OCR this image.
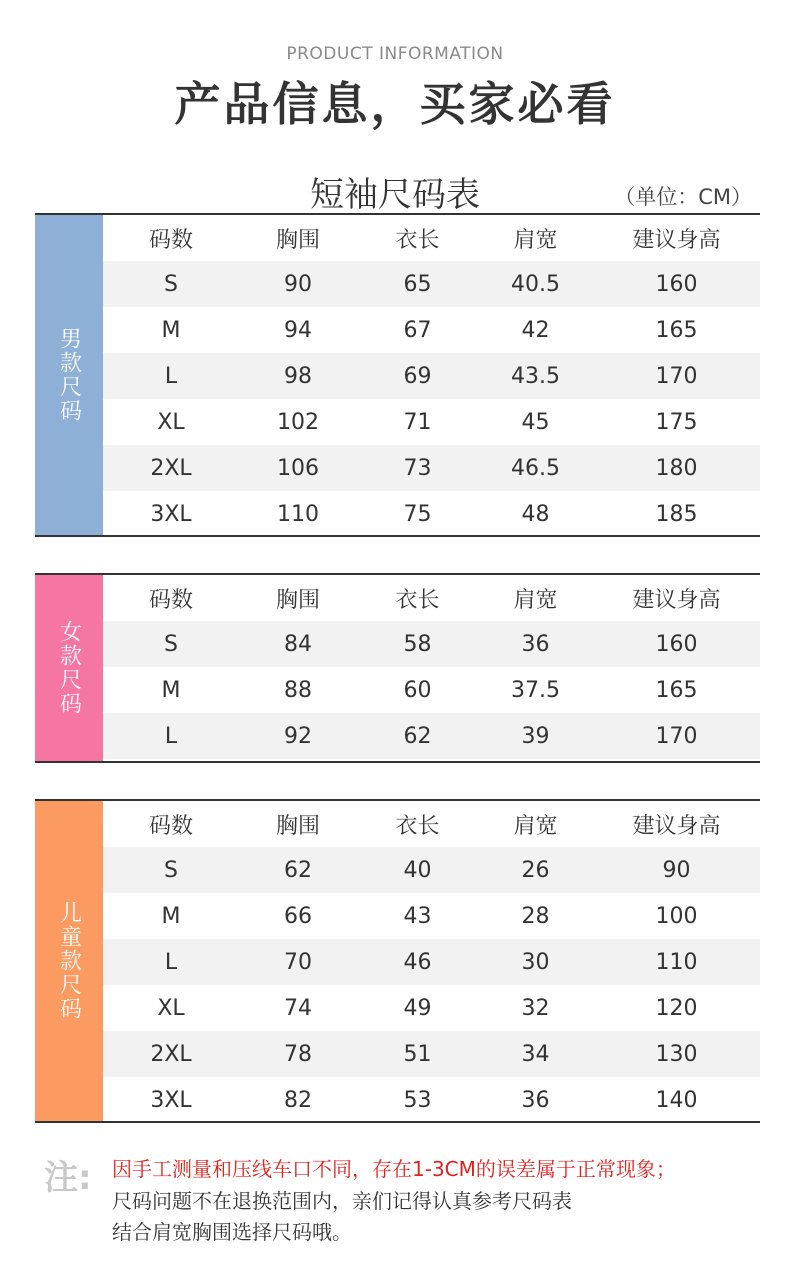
PRODUCT INFORMATION
产品信息，买家必看
短袖尺码表	（单位：CM）
男款尺码
码数	胸围	衣长	肩宽	建议身高
S	90	65	40.5	160
M	94	67	42	165
L	98	69	43.5	170
XL	102	71	45	175
2XL	106	73	46.5	180
3XL	110	75	48	185
女款尺码
码数	胸围	衣长	肩宽	建议身高
S	84	58	36	160
M	88	60	37.5	165
L	92	62	39	170
儿童款尺码
码数	胸围	衣长	肩宽	建议身高
S	62	40	26	90
M	66	43	28	100
L	70	46	30	110
XL	74	49	32	120
2XL	78	51	34	130
3XL	82	53	36	140
注: 因手工测量和压线车口不同，存在1-3CM的误差属于正常现象；
尺码问题不在退换范围内，亲们记得认真参考尺码表
结合肩宽胸围选择尺码哦。
